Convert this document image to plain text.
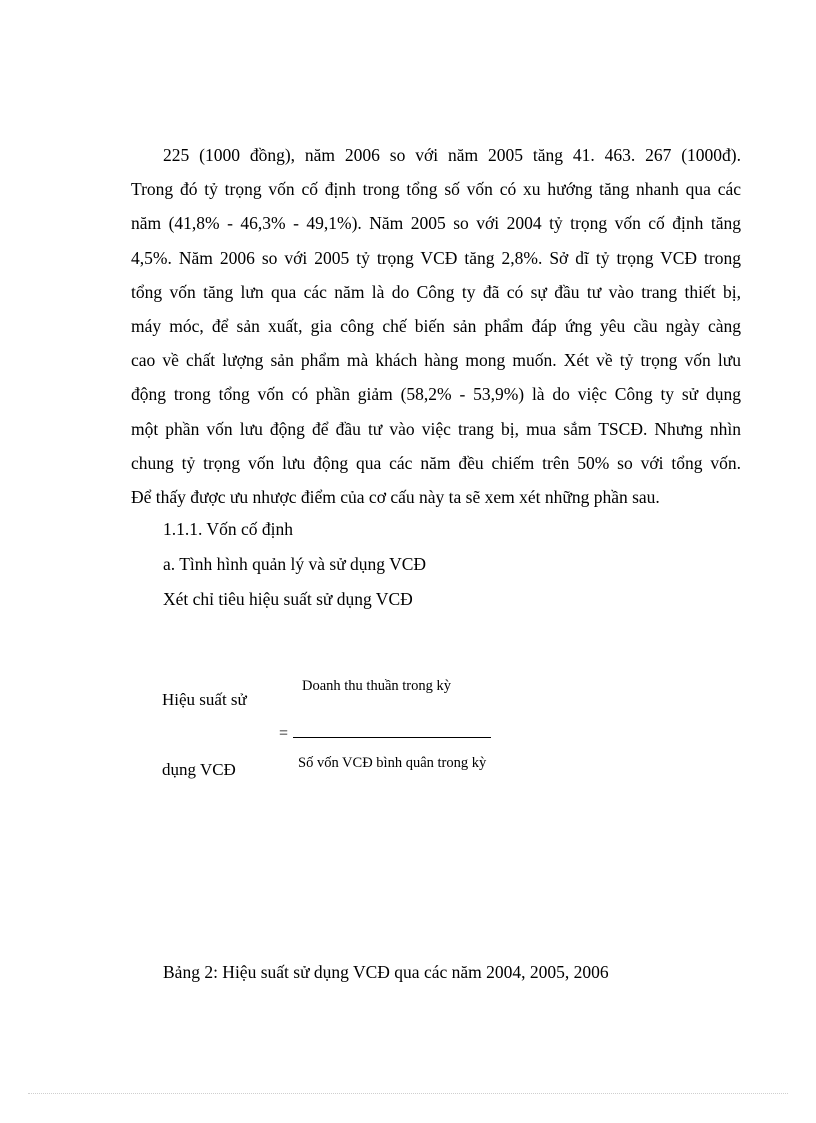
225 (1000 đồng), năm 2006 so với năm 2005 tăng 41. 463. 267 (1000đ).
Trong đó tỷ trọng vốn cố định trong tổng số vốn có xu hướng tăng nhanh qua các
năm (41,8% - 46,3% - 49,1%). Năm 2005 so với 2004 tỷ trọng vốn cố định tăng
4,5%. Năm 2006 so với 2005 tỷ trọng VCĐ tăng 2,8%. Sở dĩ tỷ trọng VCĐ trong
tổng vốn tăng lưn qua các năm là do Công ty đã có sự đầu tư vào trang thiết bị,
máy móc, để sản xuất, gia công chế biến sản phẩm đáp ứng yêu cầu ngày càng
cao về chất lượng sản phẩm mà khách hàng mong muốn. Xét về tỷ trọng vốn lưu
động trong tổng vốn có phần giảm (58,2% - 53,9%) là do việc Công ty sử dụng
một phần vốn lưu động để đầu tư vào việc trang bị, mua sắm TSCĐ. Nhưng nhìn
chung tỷ trọng vốn lưu động qua các năm đều chiếm trên 50% so với tổng vốn.
Để thấy được ưu nhược điểm của cơ cấu này ta sẽ xem xét những phần sau.
1.1.1. Vốn cố định
a. Tình hình quản lý và sử dụng VCĐ
Xét chỉ tiêu hiệu suất sử dụng VCĐ
Hiệu suất sử
Doanh thu thuần trong kỳ
=
Số vốn VCĐ bình quân trong kỳ
dụng VCĐ
Bảng 2: Hiệu suất sử dụng VCĐ qua các năm 2004, 2005, 2006
